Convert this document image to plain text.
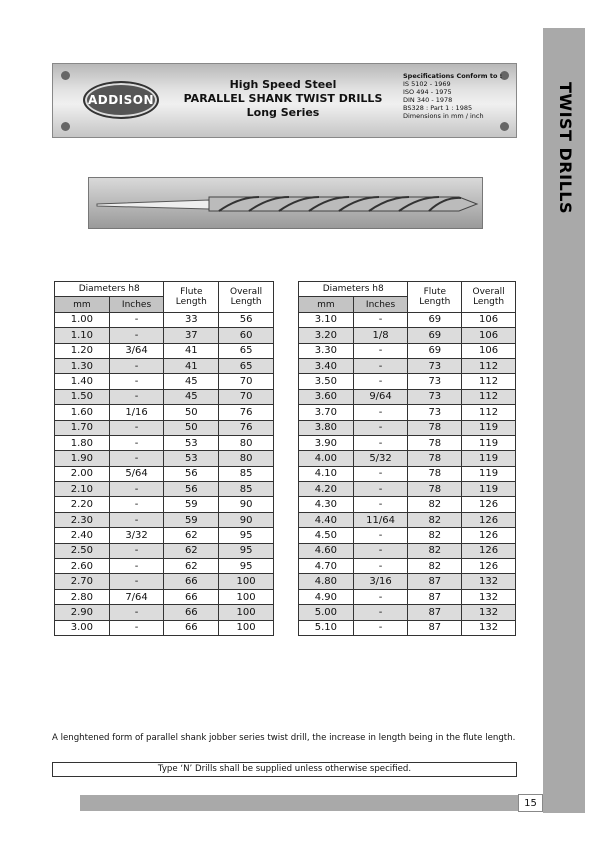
TWIST DRILLS
ADDISON
High Speed Steel
PARALLEL SHANK TWIST DRILLS
Long Series
Specifications Conform to :
IS 5102 - 1969
ISO 494 - 1975
DIN 340 - 1978
BS328 : Part 1 : 1985
Dimensions in mm / inch
Diameters h8		Flute Length	Overall Length
mm	Inches		
1.00	-	33	56
1.10	-	37	60
1.20	3/64	41	65
1.30	-	41	65
1.40	-	45	70
1.50	-	45	70
1.60	1/16	50	76
1.70	-	50	76
1.80	-	53	80
1.90	-	53	80
2.00	5/64	56	85
2.10	-	56	85
2.20	-	59	90
2.30	-	59	90
2.40	3/32	62	95
2.50	-	62	95
2.60	-	62	95
2.70	-	66	100
2.80	7/64	66	100
2.90	-	66	100
3.00	-	66	100
Diameters h8		Flute Length	Overall Length
mm	Inches		
3.10	-	69	106
3.20	1/8	69	106
3.30	-	69	106
3.40	-	73	112
3.50	-	73	112
3.60	9/64	73	112
3.70	-	73	112
3.80	-	78	119
3.90	-	78	119
4.00	5/32	78	119
4.10	-	78	119
4.20	-	78	119
4.30	-	82	126
4.40	11/64	82	126
4.50	-	82	126
4.60	-	82	126
4.70	-	82	126
4.80	3/16	87	132
4.90	-	87	132
5.00	-	87	132
5.10	-	87	132
A lenghtened form of parallel shank jobber series twist drill, the increase in length being in the flute length.
Type ‘N’ Drills shall be supplied unless otherwise specified.
15
